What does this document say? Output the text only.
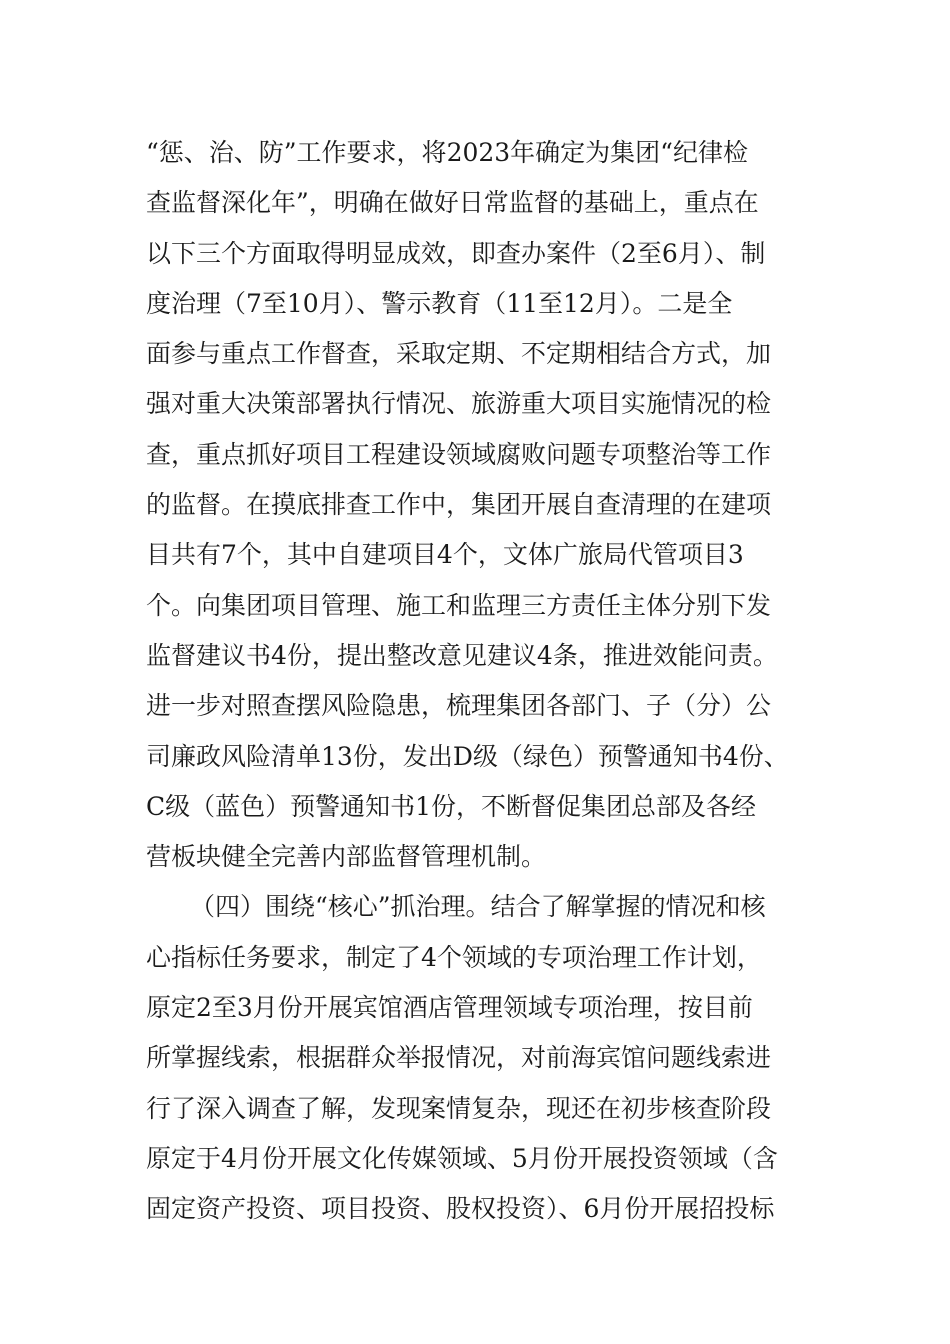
“惩、治、防”工作要求，将2023年确定为集团“纪律检
查监督深化年”，明确在做好日常监督的基础上，重点在
以下三个方面取得明显成效，即查办案件（2至6月）、制
度治理（7至10月）、警示教育（11至12月）。二是全
面参与重点工作督查，采取定期、不定期相结合方式，加
强对重大决策部署执行情况、旅游重大项目实施情况的检
查，重点抓好项目工程建设领域腐败问题专项整治等工作
的监督。在摸底排查工作中，集团开展自查清理的在建项
目共有7个，其中自建项目4个，文体广旅局代管项目3
个。向集团项目管理、施工和监理三方责任主体分别下发
监督建议书4份，提出整改意见建议4条，推进效能问责。
进一步对照查摆风险隐患，梳理集团各部门、子（分）公
司廉政风险清单13份，发出D级（绿色）预警通知书4份、
C级（蓝色）预警通知书1份，不断督促集团总部及各经
营板块健全完善内部监督管理机制。
（四）围绕“核心”抓治理。结合了解掌握的情况和核
心指标任务要求，制定了4个领域的专项治理工作计划，
原定2至3月份开展宾馆酒店管理领域专项治理，按目前
所掌握线索，根据群众举报情况，对前海宾馆问题线索进
行了深入调查了解，发现案情复杂，现还在初步核查阶段
原定于4月份开展文化传媒领域、5月份开展投资领域（含
固定资产投资、项目投资、股权投资）、6月份开展招投标
